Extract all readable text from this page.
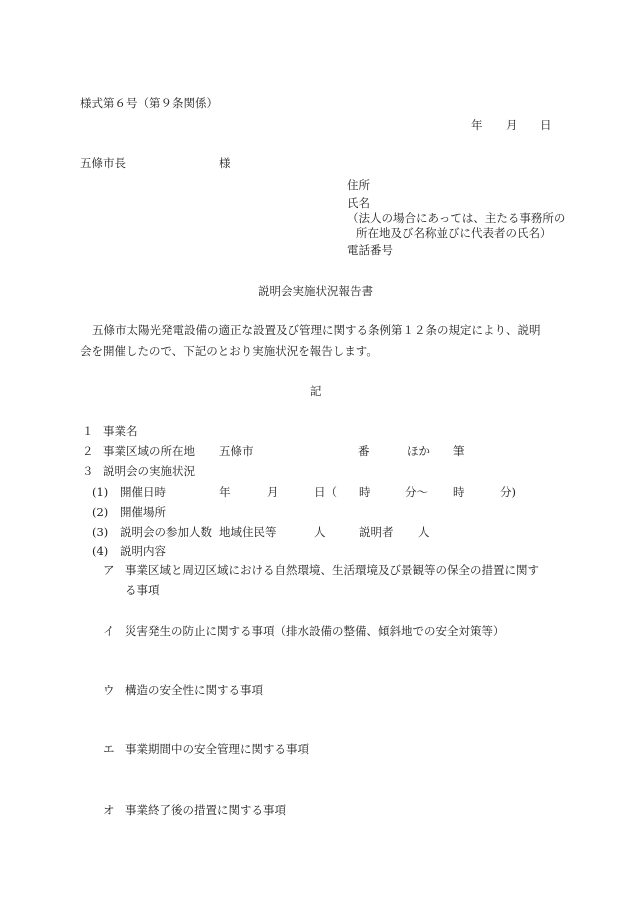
様式第６号（第９条関係）
年 月 日
五條市長	様
住所
氏名
（法人の場合にあっては、主たる事務所の
所在地及び名称並びに代表者の氏名）
電話番号
説明会実施状況報告書
五條市太陽光発電設備の適正な設置及び管理に関する条例第１２条の規定により、説明
会を開催したので、下記のとおり実施状況を報告します。
記
１ 事業名
２ 事業区域の所在地 五條市	番	ほか 筆
３ 説明会の実施状況
(1) 開催日時	年	月	日（ 時	分〜 時	分)
(2) 開催場所
(3) 説明会の参加人数 地域住民等	人	説明者 人
(4) 説明内容
ア 事業区域と周辺区域における自然環境、生活環境及び景観等の保全の措置に関す
る事項
イ 災害発生の防止に関する事項（排水設備の整備、傾斜地での安全対策等）
ウ 構造の安全性に関する事項
エ 事業期間中の安全管理に関する事項
オ 事業終了後の措置に関する事項
